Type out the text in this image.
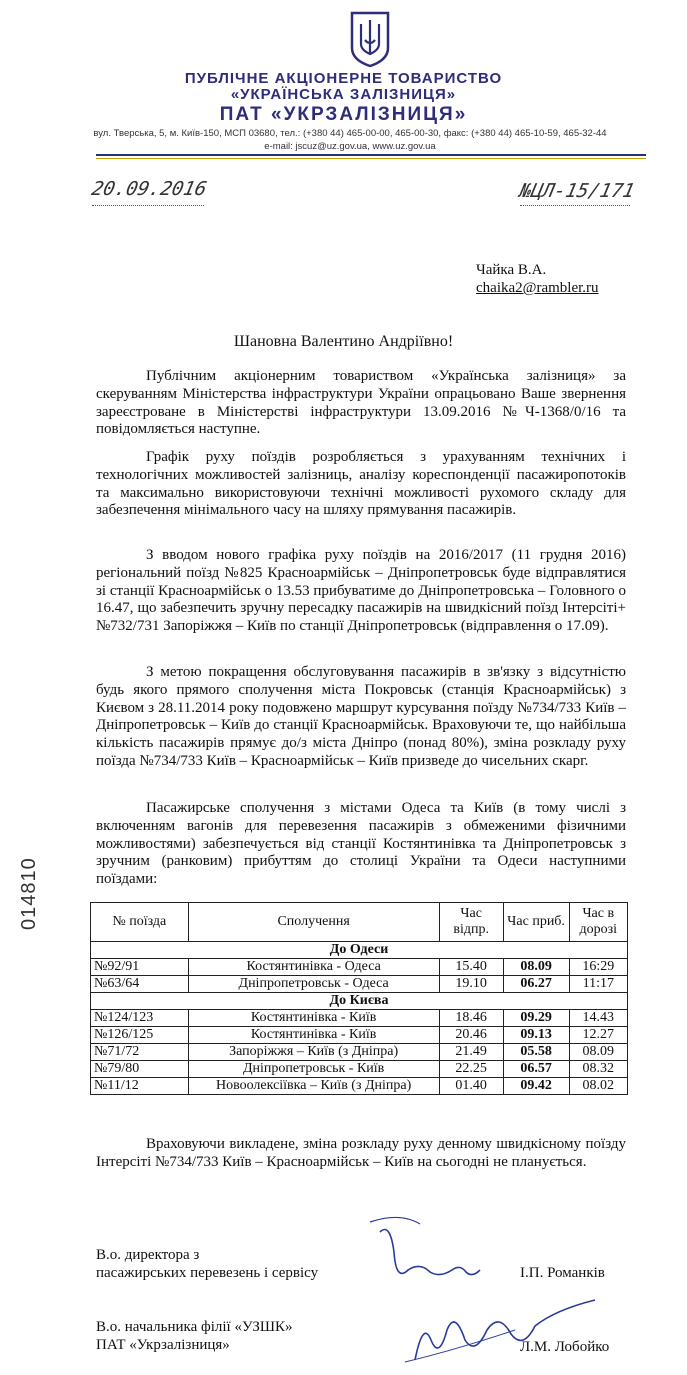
ПУБЛІЧНЕ АКЦІОНЕРНЕ ТОВАРИСТВО
«УКРАЇНСЬКА ЗАЛІЗНИЦЯ»
ПАТ «УКРЗАЛІЗНИЦЯ»
вул. Тверська, 5, м. Київ-150, МСП 03680, тел.: (+380 44) 465-00-00, 465-00-30, факс: (+380 44) 465-10-59, 465-32-44
e-mail: jscuz@uz.gov.ua, www.uz.gov.ua
20.09.2016	№ЦЛ-15/171
014810
Чайка В.А.
chaika2@rambler.ru
Шановна Валентино Андріївно!
Публічним акціонерним товариством «Українська залізниця» за скеруванням Міністерства інфраструктури України опрацьовано Ваше звернення зареєстроване в Міністерстві інфраструктури 13.09.2016 №Ч-1368/0/16 та повідомляється наступне.
Графік руху поїздів розробляється з урахуванням технічних і технологічних можливостей залізниць, аналізу кореспонденції пасажиропотоків та максимально використовуючи технічні можливості рухомого складу для забезпечення мінімального часу на шляху прямування пасажирів.
З вводом нового графіка руху поїздів на 2016/2017 (11 грудня 2016) регіональний поїзд №825 Красноармійськ – Дніпропетровськ буде відправлятися зі станції Красноармійськ о 13.53 прибуватиме до Дніпропетровська – Головного о 16.47, що забезпечить зручну пересадку пасажирів на швидкісний поїзд Інтерсіті+ №732/731 Запоріжжя – Київ по станції Дніпропетровськ (відправлення о 17.09).
З метою покращення обслуговування пасажирів в зв'язку з відсутністю будь якого прямого сполучення міста Покровськ (станція Красноармійськ) з Києвом з 28.11.2014 року подовжено маршрут курсування поїзду №734/733 Київ – Дніпропетровськ – Київ до станції Красноармійськ. Враховуючи те, що найбільша кількість пасажирів прямує до/з міста Дніпро (понад 80%), зміна розкладу руху поїзда №734/733 Київ – Красноармійськ – Київ призведе до чисельних скарг.
Пасажирське сполучення з містами Одеса та Київ (в тому числі з включенням вагонів для перевезення пасажирів з обмеженими фізичними можливостями) забезпечується від станції Костянтинівка та Дніпропетровськ з зручним (ранковим) прибуттям до столиці України та Одеси наступними поїздами:
№ поїзда	Сполучення	Час відпр.	Час приб.	Час в дорозі
До Одеси				
№92/91	Костянтинівка - Одеса	15.40	08.09	16:29
№63/64	Дніпропетровськ - Одеса	19.10	06.27	11:17
До Києва				
№124/123	Костянтинівка - Київ	18.46	09.29	14.43
№126/125	Костянтинівка - Київ	20.46	09.13	12.27
№71/72	Запоріжжя – Київ (з Дніпра)	21.49	05.58	08.09
№79/80	Дніпропетровськ - Київ	22.25	06.57	08.32
№11/12	Новоолексіївка – Київ (з Дніпра)	01.40	09.42	08.02
Враховуючи викладене, зміна розкладу руху денному швидкісному поїзду Інтерсіті №734/733 Київ – Красноармійськ – Київ на сьогодні не планується.
В.о. директора з
пасажирських перевезень і сервісу	І.П. Романків
В.о. начальника філії «УЗШК»
ПАТ «Укрзалізниця»	Л.М. Лобойко
